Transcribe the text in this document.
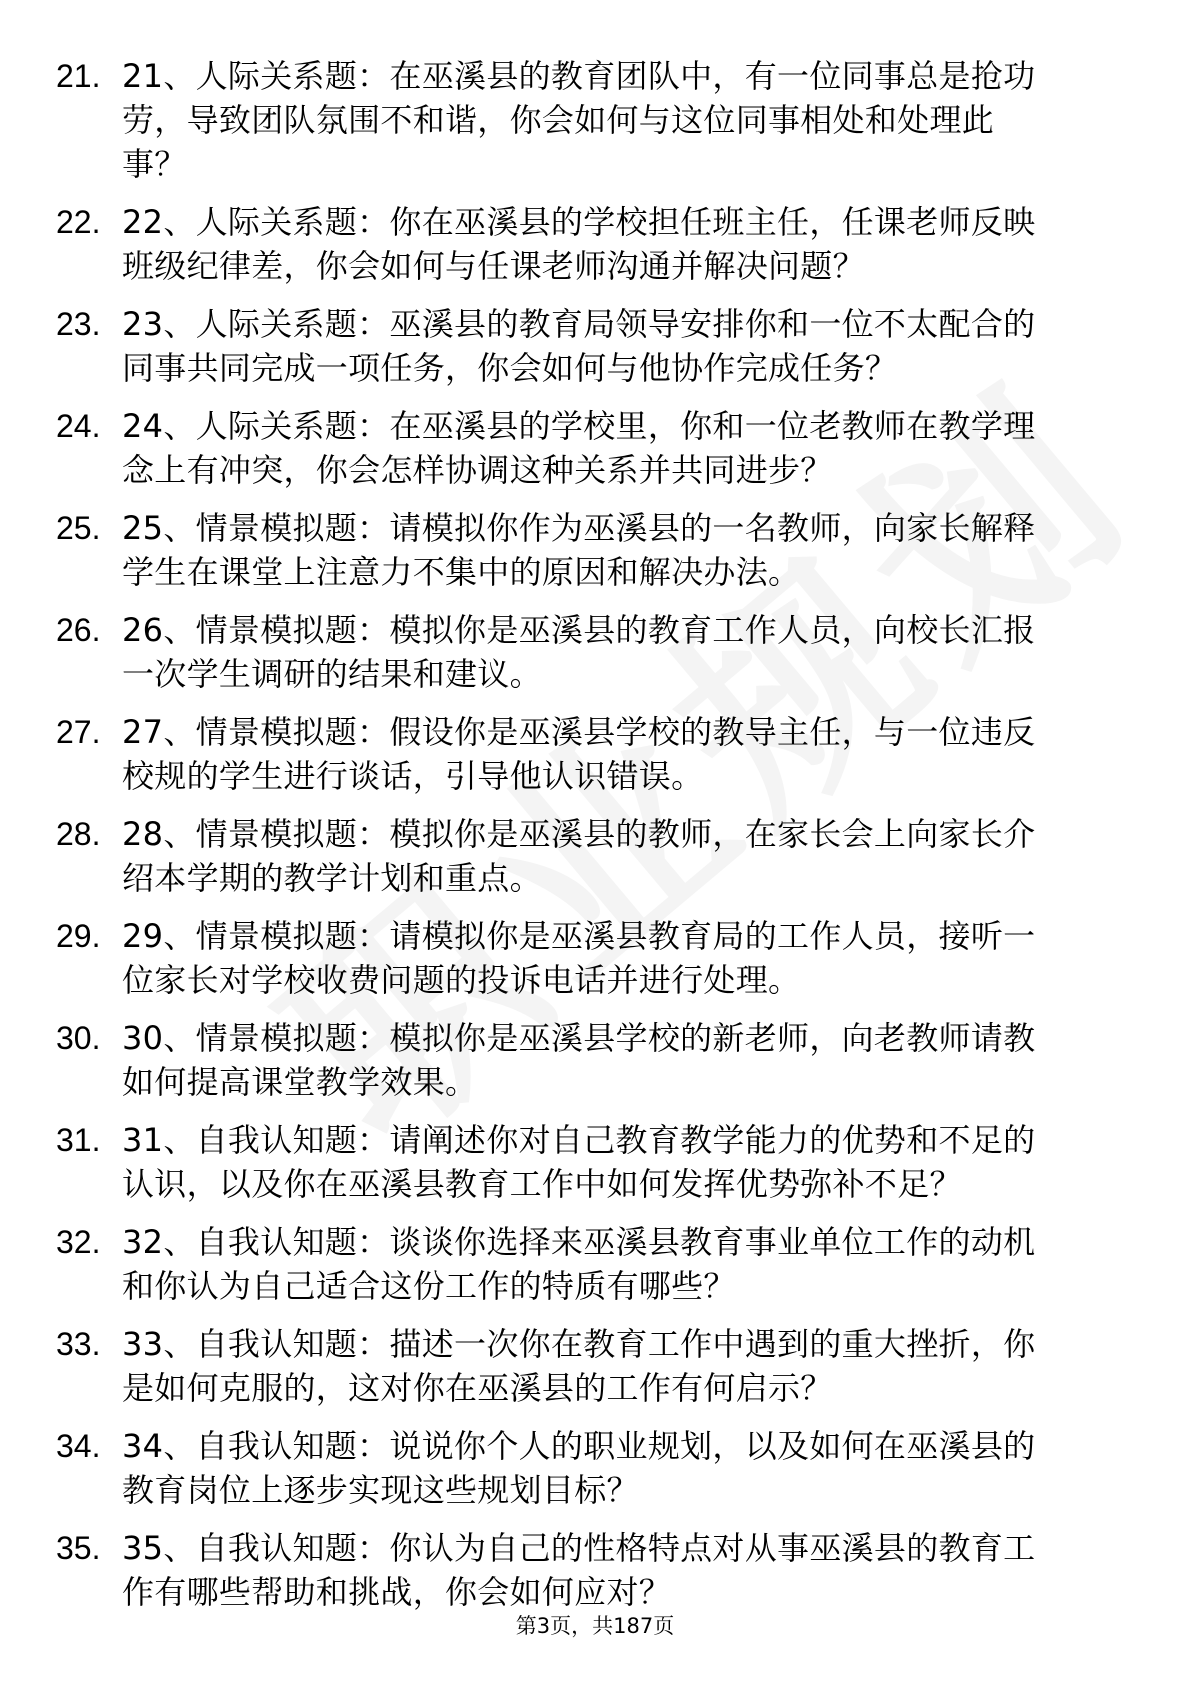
21. 21、人际关系题：在巫溪县的教育团队中，有一位同事总是抢功劳，导致团队氛围不和谐，你会如何与这位同事相处和处理此事？
22. 22、人际关系题：你在巫溪县的学校担任班主任，任课老师反映班级纪律差，你会如何与任课老师沟通并解决问题？
23. 23、人际关系题：巫溪县的教育局领导安排你和一位不太配合的同事共同完成一项任务，你会如何与他协作完成任务？
24. 24、人际关系题：在巫溪县的学校里，你和一位老教师在教学理念上有冲突，你会怎样协调这种关系并共同进步？
25. 25、情景模拟题：请模拟你作为巫溪县的一名教师，向家长解释学生在课堂上注意力不集中的原因和解决办法。
26. 26、情景模拟题：模拟你是巫溪县的教育工作人员，向校长汇报一次学生调研的结果和建议。
27. 27、情景模拟题：假设你是巫溪县学校的教导主任，与一位违反校规的学生进行谈话，引导他认识错误。
28. 28、情景模拟题：模拟你是巫溪县的教师，在家长会上向家长介绍本学期的教学计划和重点。
29. 29、情景模拟题：请模拟你是巫溪县教育局的工作人员，接听一位家长对学校收费问题的投诉电话并进行处理。
30. 30、情景模拟题：模拟你是巫溪县学校的新老师，向老教师请教如何提高课堂教学效果。
31. 31、自我认知题：请阐述你对自己教育教学能力的优势和不足的认识，以及你在巫溪县教育工作中如何发挥优势弥补不足？
32. 32、自我认知题：谈谈你选择来巫溪县教育事业单位工作的动机和你认为自己适合这份工作的特质有哪些？
33. 33、自我认知题：描述一次你在教育工作中遇到的重大挫折，你是如何克服的，这对你在巫溪县的工作有何启示？
34. 34、自我认知题：说说你个人的职业规划，以及如何在巫溪县的教育岗位上逐步实现这些规划目标？
35. 35、自我认知题：你认为自己的性格特点对从事巫溪县的教育工作有哪些帮助和挑战，你会如何应对？
第3页，共187页
